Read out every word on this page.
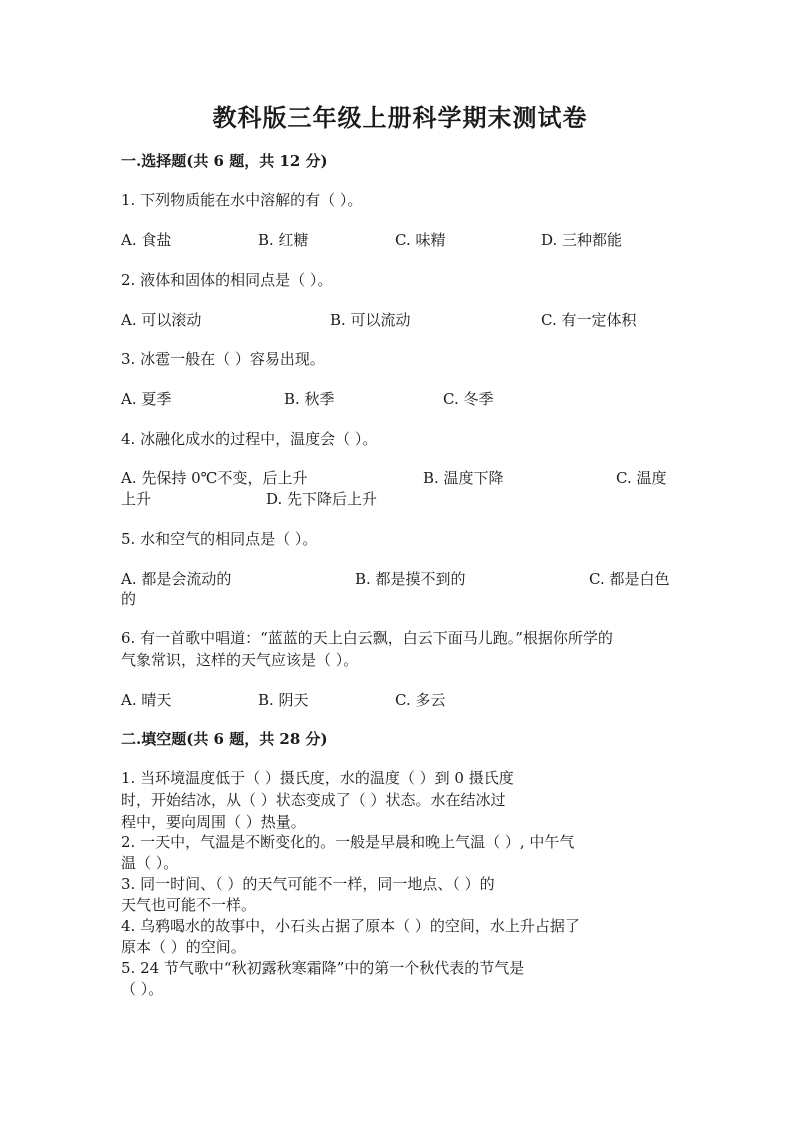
教科版三年级上册科学期末测试卷
一.选择题(共 6 题，共 12 分)
1. 下列物质能在水中溶解的有（ ）。
A. 食盐	B. 红糖	C. 味精	D. 三种都能
2. 液体和固体的相同点是（ ）。
A. 可以滚动	B. 可以流动	C. 有一定体积
3. 冰雹一般在（ ）容易出现。
A. 夏季	B. 秋季	C. 冬季
4. 冰融化成水的过程中，温度会（ ）。
A. 先保持 0℃不变，后上升	B. 温度下降	C. 温度
上升	D. 先下降后上升
5. 水和空气的相同点是（ ）。
A. 都是会流动的	B. 都是摸不到的	C. 都是白色
的
6. 有一首歌中唱道：“蓝蓝的天上白云飘，白云下面马儿跑。”根据你所学的
气象常识，这样的天气应该是（ ）。
A. 晴天	B. 阴天	C. 多云
二.填空题(共 6 题，共 28 分)
1. 当环境温度低于（ ）摄氏度，水的温度（ ）到 0 摄氏度
时，开始结冰，从（ ）状态变成了（ ）状态。水在结冰过
程中，要向周围（ ）热量。
2. 一天中，气温是不断变化的。一般是早晨和晚上气温（ ）, 中午气
温（ ）。
3. 同一时间、（ ）的天气可能不一样，同一地点、（ ）的
天气也可能不一样。
4. 乌鸦喝水的故事中，小石头占据了原本（ ）的空间，水上升占据了
原本（ ）的空间。
5. 24 节气歌中“秋初露秋寒霜降”中的第一个秋代表的节气是
（ ）。
